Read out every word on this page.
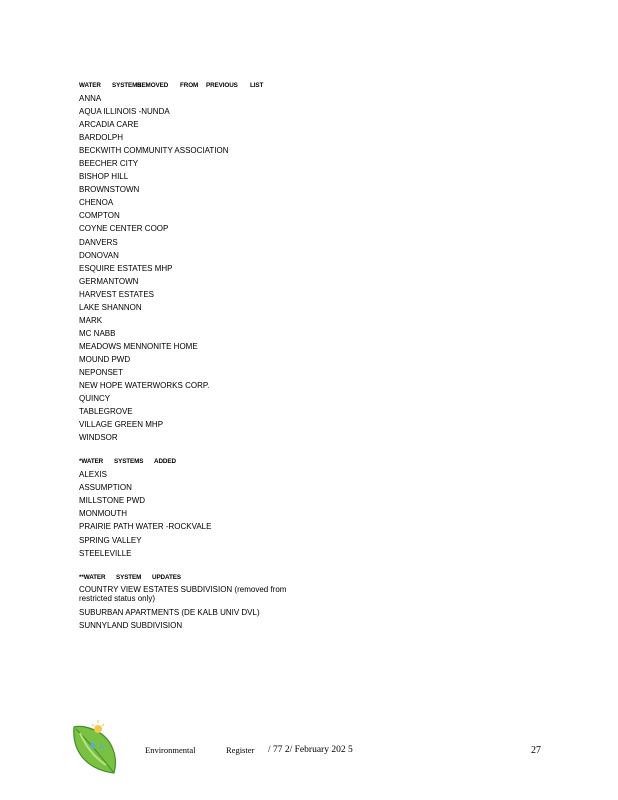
WATER	SYSTEMS
REMOVED	FROM	PREVIOUS	LIST
ANNA
AQUA ILLINOIS -NUNDA
ARCADIA CARE
BARDOLPH
BECKWITH COMMUNITY ASSOCIATION
BEECHER CITY
BISHOP HILL
BROWNSTOWN
CHENOA
COMPTON
COYNE CENTER COOP
DANVERS
DONOVAN
ESQUIRE ESTATES MHP
GERMANTOWN
HARVEST ESTATES
LAKE SHANNON
MARK
MC NABB
MEADOWS MENNONITE HOME
MOUND PWD
NEPONSET
NEW HOPE WATERWORKS CORP.
QUINCY
TABLEGROVE
VILLAGE GREEN MHP
WINDSOR
*WATER	SYSTEMS	ADDED
ALEXIS
ASSUMPTION
MILLSTONE PWD
MONMOUTH
PRAIRIE PATH WATER -ROCKVALE
SPRING VALLEY
STEELEVILLE
**WATER	SYSTEM	UPDATES
COUNTRY VIEW ESTATES SUBDIVISION (removed from restricted status only)
SUBURBAN APARTMENTS (DE KALB UNIV DVL)
SUNNYLAND SUBDIVISION
Environmental	Register / 77 2/ February 202 5	27
